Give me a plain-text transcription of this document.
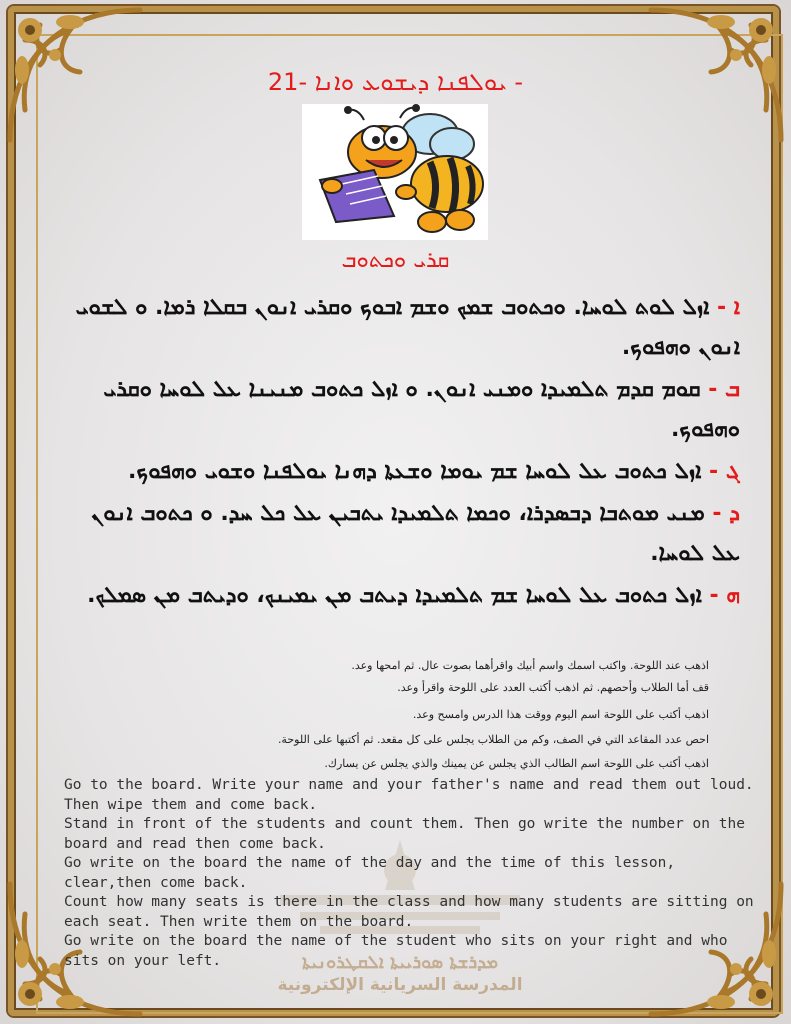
ܝܘܠܦܢܐ ܕܝܫܘܥ ܘܐܢܐ -21 -
ܩܪܝ ܘܟܬܘܒ
ܐ - ܐܙܠ ܠܘܬ ܠܘܚܐ. ܘܟܬܘܒ ܫܡܟ ܘܫܡ ܐܒܘܟ ܘܩܪܝ ܐܢܘܢ ܒܩܠܐ ܪܡܐ. ܘ ܠܫܘܝ ܐܢܘܢ ܘܗܦܘܟ.
ܒ - ܩܘܡ ܩܕܡ ܬܠܡܝܕܐ ܘܡܢܝ ܐܢܘܢ. ܘ ܐܙܠ ܟܬܘܒ ܡܢܝܢܐ ܥܠ ܠܘܚܐ ܘܩܪܝ ܘܗܦܘܟ.
ܓ - ܐܙܠ ܟܬܘܒ ܥܠ ܠܘܚܐ ܫܡ ܝܘܡܐ ܘܫܥܬܐ ܕܗܢܐ ܝܘܠܦܢܐ ܘܫܘܝ ܘܗܦܘܟ.
ܕ - ܡܢܝ ܡܘܬܒܐ ܕܒܣܕܪܐ، ܘܟܡܐ ܬܠܡܝܕܐ ܝܬܒܝܢ ܥܠ ܟܠ ܚܕ. ܘ ܟܬܘܒ ܐܢܘܢ ܥܠ ܠܘܚܐ.
ܗ - ܐܙܠ ܟܬܘܒ ܥܠ ܠܘܚܐ ܫܡ ܬܠܡܝܕܐ ܕܝܬܒ ܡܢ ܝܡܝܢܟ، ܘܕܝܬܒ ܡܢ ܣܡܠܟ.
اذهب عند اللوحة. واكتب اسمك واسم أبيك واقرأهما بصوت عال. ثم امحها وعد.
قف أما الطلاب وأحصهم. ثم اذهب أكتب العدد على اللوحة واقرأ وعد.
اذهب أكتب على اللوحة اسم اليوم ووقت هذا الدرس وامسح وعد.
احص عدد المقاعد التي في الصف، وكم من الطلاب يجلس على كل مقعد. ثم أكتبها على اللوحة.
اذهب أكتب على اللوحة اسم الطالب الذي يجلس عن يمينك والذي يجلس عن يسارك.

Go to the board. Write your name and your father's name and read them out loud. Then wipe them and come back.

Stand in front of the students and count them. Then go write the number on the board and read then come back.

Go write on the board the name of the day and the time of this lesson, clear,then come back.

Count how many seats is there in the class and how many students are sitting on each seat. Then write them on the board.

Go write on the board the name of the student who sits on your right and who sits on your left.	ܡܕܪܫܬܐ ܣܘܪܝܝܬܐ ܐܠܩܛܪܘܢܝܬܐ
المدرسة السريانية الإلكترونية
